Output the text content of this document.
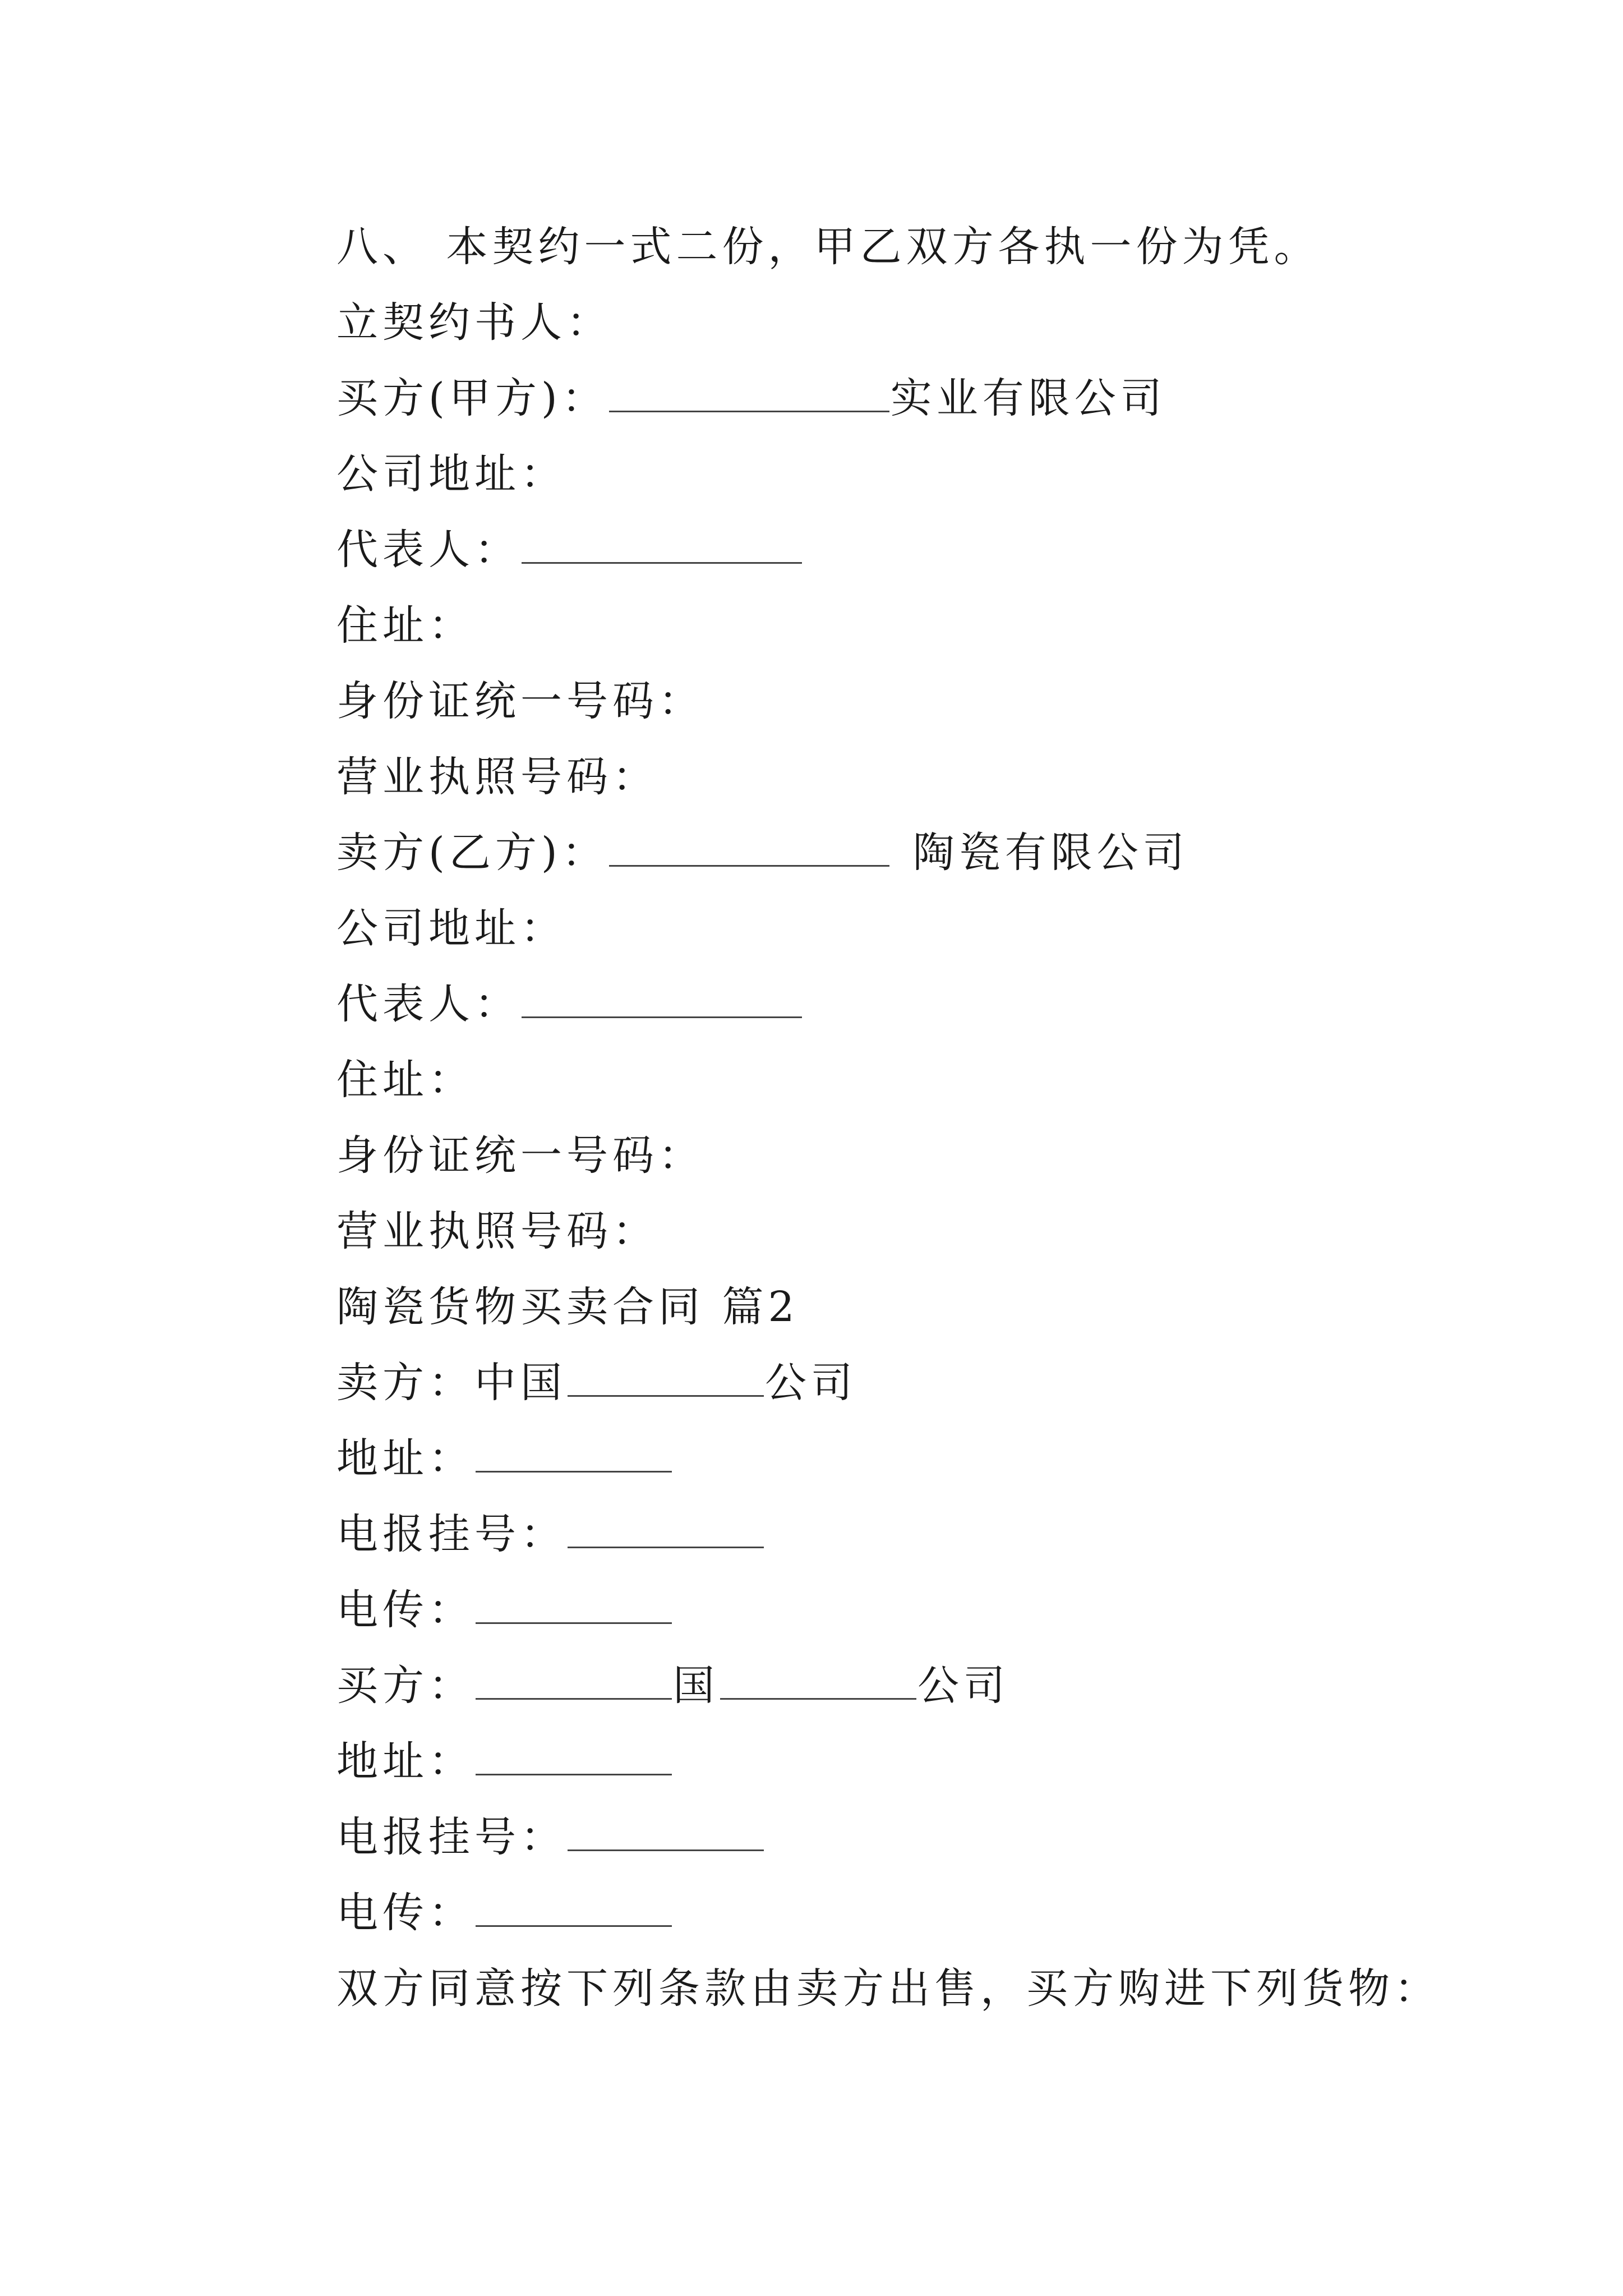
八、 本契约一式二份，甲乙双方各执一份为凭。
立契约书人：
买方(甲方)：	实业有限公司
公司地址：
代表人：
住址：
身份证统一号码：
营业执照号码：
卖方(乙方)：	陶瓷有限公司
公司地址：
代表人：
住址：
身份证统一号码：
营业执照号码：
陶瓷货物买卖合同 篇2
卖方：中国	公司
地址：
电报挂号：
电传：
买方：	国	公司
地址：
电报挂号：
电传：
双方同意按下列条款由卖方出售，买方购进下列货物：
